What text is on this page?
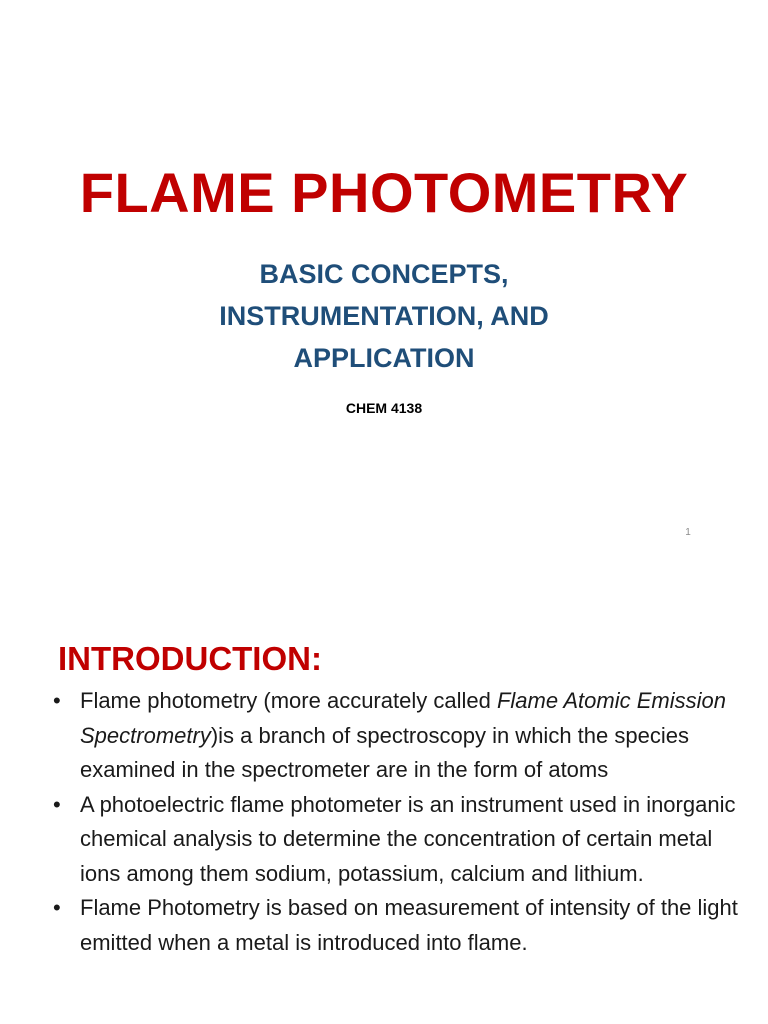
FLAME PHOTOMETRY
BASIC CONCEPTS,
INSTRUMENTATION, AND
APPLICATION

CHEM 4138

1
INTRODUCTION:
• Flame photometry (more accurately called Flame Atomic Emission Spectrometry)is a branch of spectroscopy in which the species examined in the spectrometer are in the form of atoms
• A photoelectric flame photometer is an instrument used in inorganic chemical analysis to determine the concentration of certain metal ions among them sodium, potassium, calcium and lithium.
• Flame Photometry is based on measurement of intensity of the light emitted when a metal is introduced into flame.
